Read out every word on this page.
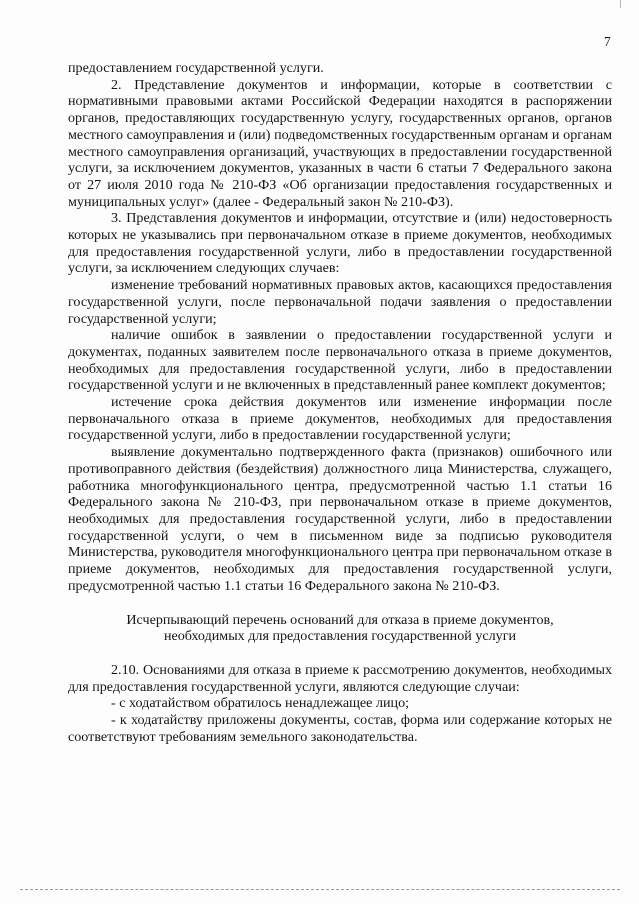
7

предоставлением государственной услуги.

2. Представление документов и информации, которые в соответствии с нормативными правовыми актами Российской Федерации находятся в распоряжении органов, предоставляющих государственную услугу, государственных органов, органов местного самоуправления и (или) подведомственных государственным органам и органам местного самоуправления организаций, участвующих в предоставлении государственной услуги, за исключением документов, указанных в части 6 статьи 7 Федерального закона от 27 июля 2010 года № 210-ФЗ «Об организации предоставления государственных и муниципальных услуг» (далее - Федеральный закон № 210-ФЗ).

3. Представления документов и информации, отсутствие и (или) недостоверность которых не указывались при первоначальном отказе в приеме документов, необходимых для предоставления государственной услуги, либо в предоставлении государственной услуги, за исключением следующих случаев:

изменение требований нормативных правовых актов, касающихся предоставления государственной услуги, после первоначальной подачи заявления о предоставлении государственной услуги;

наличие ошибок в заявлении о предоставлении государственной услуги и документах, поданных заявителем после первоначального отказа в приеме документов, необходимых для предоставления государственной услуги, либо в предоставлении государственной услуги и не включенных в представленный ранее комплект документов;

истечение срока действия документов или изменение информации после первоначального отказа в приеме документов, необходимых для предоставления государственной услуги, либо в предоставлении государственной услуги;

выявление документально подтвержденного факта (признаков) ошибочного или противоправного действия (бездействия) должностного лица Министерства, служащего, работника многофункционального центра, предусмотренной частью 1.1 статьи 16 Федерального закона № 210-ФЗ, при первоначальном отказе в приеме документов, необходимых для предоставления государственной услуги, либо в предоставлении государственной услуги, о чем в письменном виде за подписью руководителя Министерства, руководителя многофункционального центра при первоначальном отказе в приеме документов, необходимых для предоставления государственной услуги, предусмотренной частью 1.1 статьи 16 Федерального закона № 210-ФЗ.

Исчерпывающий перечень оснований для отказа в приеме документов, необходимых для предоставления государственной услуги

2.10. Основаниями для отказа в приеме к рассмотрению документов, необходимых для предоставления государственной услуги, являются следующие случаи:

- с ходатайством обратилось ненадлежащее лицо;

- к ходатайству приложены документы, состав, форма или содержание которых не соответствуют требованиям земельного законодательства.
